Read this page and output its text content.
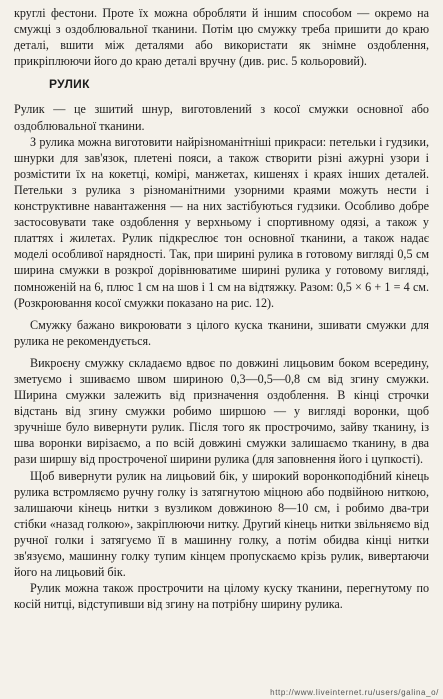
круглі фестони. Проте їх можна обробляти й іншим способом — окремо на смужці з оздоблювальної тканини. Потім цю смужку треба пришити до краю деталі, вшити між деталями або використати як знімне оздоблення, прикріплюючи його до краю деталі вручну (див. рис. 5 кольоровий).

РУЛИК

Рулик — це зшитий шнур, виготовлений з косої смужки основної або оздоблювальної тканини.

З рулика можна виготовити найрізноманітніші прикраси: петельки і гудзики, шнурки для зав'язок, плетені пояси, а також створити різні ажурні узори і розмістити їх на кокетці, комірі, манжетах, кишенях і краях інших деталей. Петельки з рулика з різноманітними узорними краями можуть нести і конструктивне навантаження — на них застібуються гудзики. Особливо добре застосовувати таке оздоблення у верхньому і спортивному одязі, а також у платтях і жилетах. Рулик підкреслює тон основної тканини, а також надає моделі особливої нарядності. Так, при ширині рулика в готовому вигляді 0,5 см ширина смужки в розкрої дорівнюватиме ширині рулика у готовому вигляді, помноженій на 6, плюс 1 см на шов і 1 см на відтяжку. Разом: 0,5 × 6 + 1 = 4 см. (Розкроювання косої смужки показано на рис. 12).

Смужку бажано викроювати з цілого куска тканини, зшивати смужки для рулика не рекомендується.

Викроєну смужку складаємо вдвоє по довжині лицьовим боком всередину, зметуємо і зшиваємо швом шириною 0,3—0,5—0,8 см від згину смужки. Ширина смужки залежить від призначення оздоблення. В кінці строчки відстань від згину смужки робимо ширшою — у вигляді воронки, щоб зручніше було вивернути рулик. Після того як прострочимо, зайву тканину, із шва воронки вирізаємо, а по всій довжині смужки залишаємо тканину, в два рази ширшу від простроченої ширини рулика (для заповнення його і цупкості).

Щоб вивернути рулик на лицьовий бік, у широкий воронкоподібний кінець рулика встромляємо ручну голку із затягнутою міцною або подвійною ниткою, залишаючи кінець нитки з вузликом довжиною 8—10 см, і робимо два-три стібки «назад голкою», закріплюючи нитку. Другий кінець нитки звільняємо від ручної голки і затягуємо її в машинну голку, а потім обидва кінці нитки зв'язуємо, машинну голку тупим кінцем пропускаємо крізь рулик, вивертаючи його на лицьовий бік.

Рулик можна також прострочити на цілому куску тканини, перегнутому по косій нитці, відступивши від згину на потрібну ширину рулика.

http://www.liveinternet.ru/users/galina_o/
